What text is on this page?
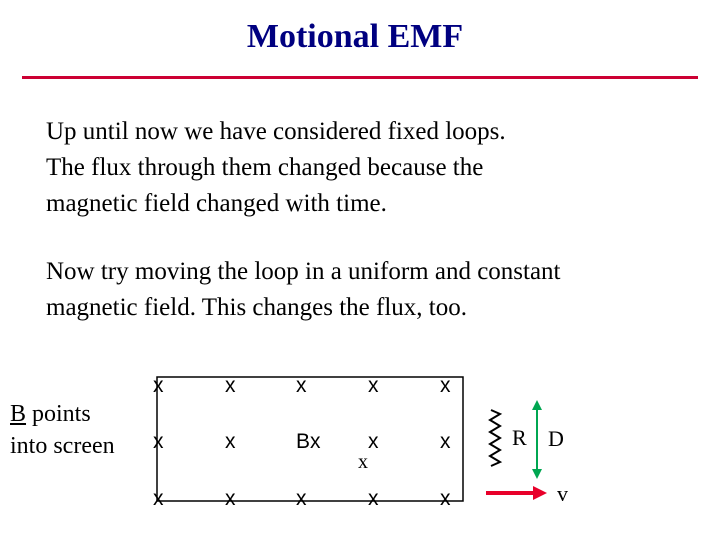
Motional EMF
Up until now we have considered fixed loops.
The flux through them changed because the
magnetic field changed with time.
Now try moving the loop in a uniform and constant
magnetic field. This changes the flux, too.
B points
into screen
x	x	x	x	x
x	x	Bx x	x
x
x	x	x	x	x
R D
v
